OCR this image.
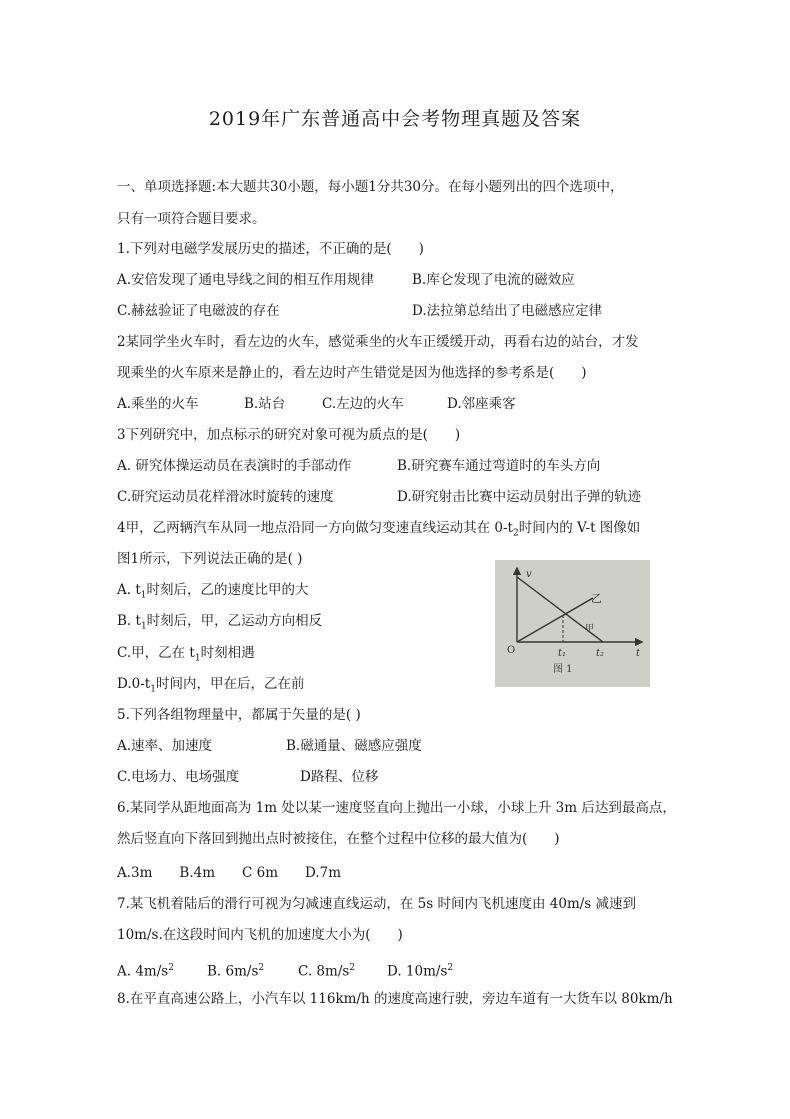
2019年广东普通高中会考物理真题及答案
一、单项选择题:本大题共30小题，每小题1分共30分。在每小题列出的四个选项中，
只有一项符合题目要求。
1.下列对电磁学发展历史的描述，不正确的是(　　)
A.安倍发现了通电导线之间的相互作用规律	B.库仑发现了电流的磁效应
C.赫兹验证了电磁波的存在	D.法拉第总结出了电磁感应定律
2某同学坐火车时，看左边的火车，感觉乘坐的火车正缓缓开动，再看右边的站台，才发
现乘坐的火车原来是静止的，看左边时产生错觉是因为他选择的参考系是(　　)
A.乘坐的火车	B.站台	C.左边的火车	D.邻座乘客
3下列研究中，加点标示的研究对象可视为质点的是(　　)
A. 研究体操运动员在表演时的手部动作	B.研究赛车通过弯道时的车头方向
C.研究运动员花样滑冰时旋转的速度	D.研究射击比赛中运动员射出子弹的轨迹
4甲，乙两辆汽车从同一地点沿同一方向做匀变速直线运动其在 $0-t_2$时间内的 V-t 图像如
图1所示，下列说法正确的是( )
A. $t_1$时刻后，乙的速度比甲的大
B. $t_1$时刻后，甲，乙运动方向相反
C.甲，乙在 $t_1$时刻相遇
$D.0-t_1$时间内，甲在后，乙在前
v
t
O	t₁	t₂
乙
甲
图 1
5.下列各组物理量中，都属于矢量的是( )
A.速率、加速度	B.磁通量、磁感应强度
C.电场力、电场强度	D路程、位移
6.某同学从距地面高为 1m 处以某一速度竖直向上抛出一小球，小球上升 3m 后达到最高点，
然后竖直向下落回到抛出点时被接住，在整个过程中位移的最大值为(　　)
A.3m　　B.4m　　C 6m　　D.7m
7.某飞机着陆后的滑行可视为匀减速直线运动，在 5s 时间内飞机速度由 40m/s 减速到
10m/s.在这段时间内飞机的加速度大小为(　　)
A. $4m/s^2$ B. $6m/s^2$	C. $8m/s^2$ D. $10m/s^2$
8.在平直高速公路上，小汽车以 116km/h 的速度高速行驶，旁边车道有一大货车以 80km/h
